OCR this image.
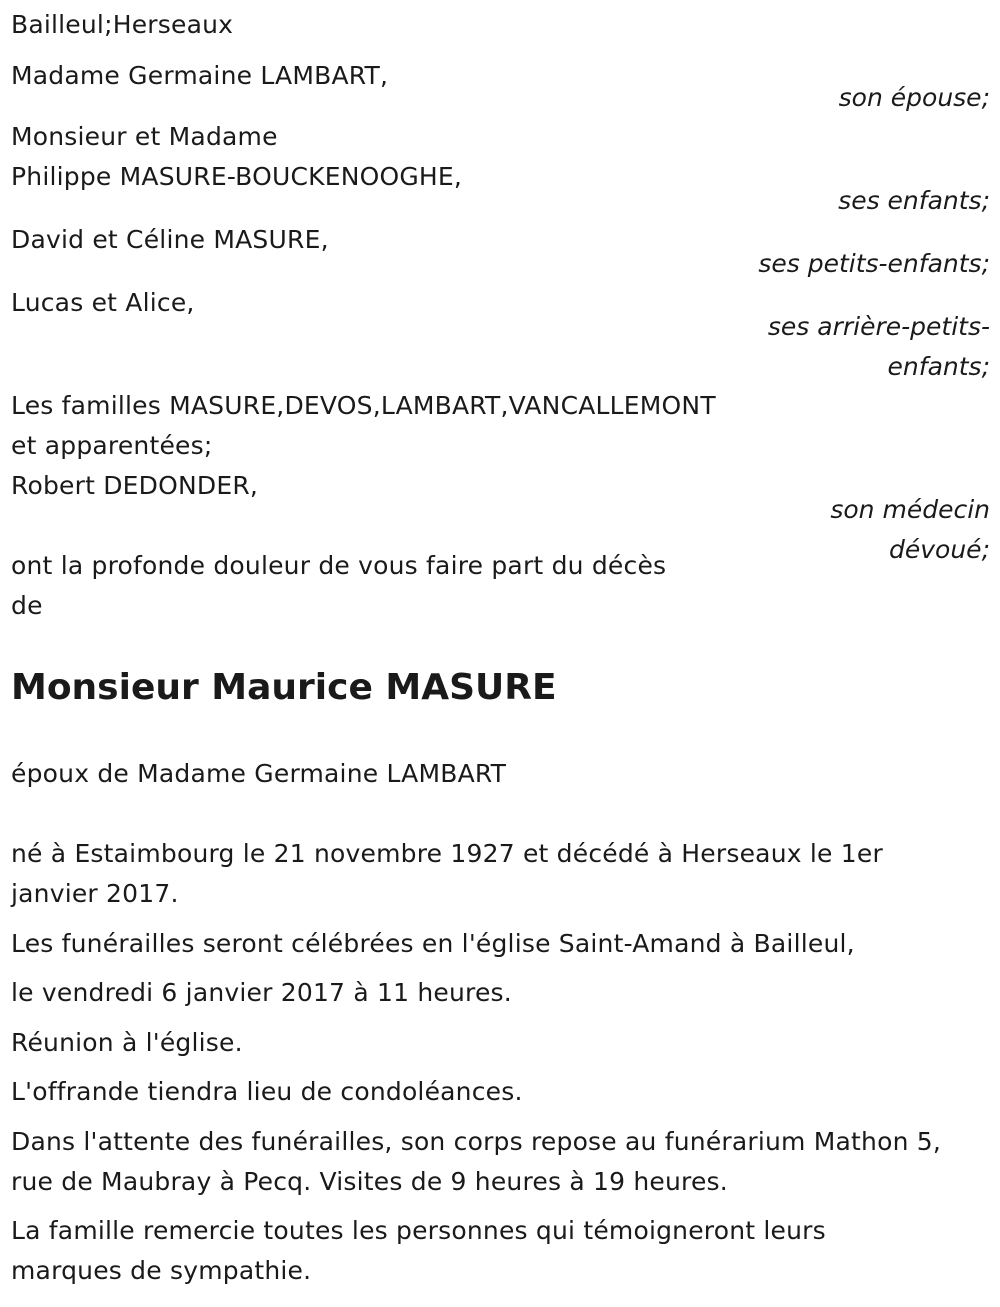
Bailleul;Herseaux
Madame Germaine LAMBART,
son épouse;
Monsieur et Madame
Philippe MASURE-BOUCKENOOGHE,
ses enfants;
David et Céline MASURE,
ses petits-enfants;
Lucas et Alice,
ses arrière-petits-
enfants;
Les familles MASURE,DEVOS,LAMBART,VANCALLEMONT
et apparentées;
Robert DEDONDER,
son médecin
dévoué;
ont la profonde douleur de vous faire part du décès
de
Monsieur Maurice MASURE
époux de Madame Germaine LAMBART
né à Estaimbourg le 21 novembre 1927 et décédé à Herseaux le 1er
janvier 2017.
Les funérailles seront célébrées en l'église Saint-Amand à Bailleul,
le vendredi 6 janvier 2017 à 11 heures.
Réunion à l'église.
L'offrande tiendra lieu de condoléances.
Dans l'attente des funérailles, son corps repose au funérarium Mathon 5,
rue de Maubray à Pecq. Visites de 9 heures à 19 heures.
La famille remercie toutes les personnes qui témoigneront leurs
marques de sympathie.
